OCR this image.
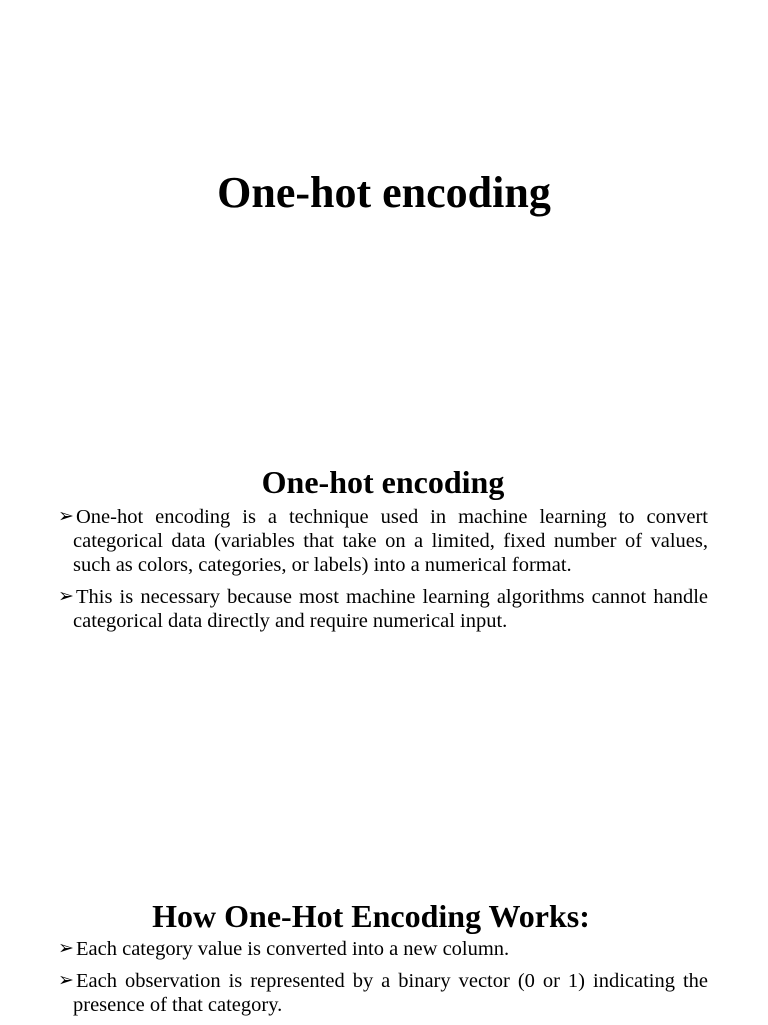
One-hot encoding
One-hot encoding
➢ One-hot encoding is a technique used in machine learning to convert categorical data (variables that take on a limited, fixed number of values, such as colors, categories, or labels) into a numerical format.
➢ This is necessary because most machine learning algorithms cannot handle categorical data directly and require numerical input.
How One-Hot Encoding Works:
➢ Each category value is converted into a new column.
➢ Each observation is represented by a binary vector (0 or 1) indicating the presence of that category.
